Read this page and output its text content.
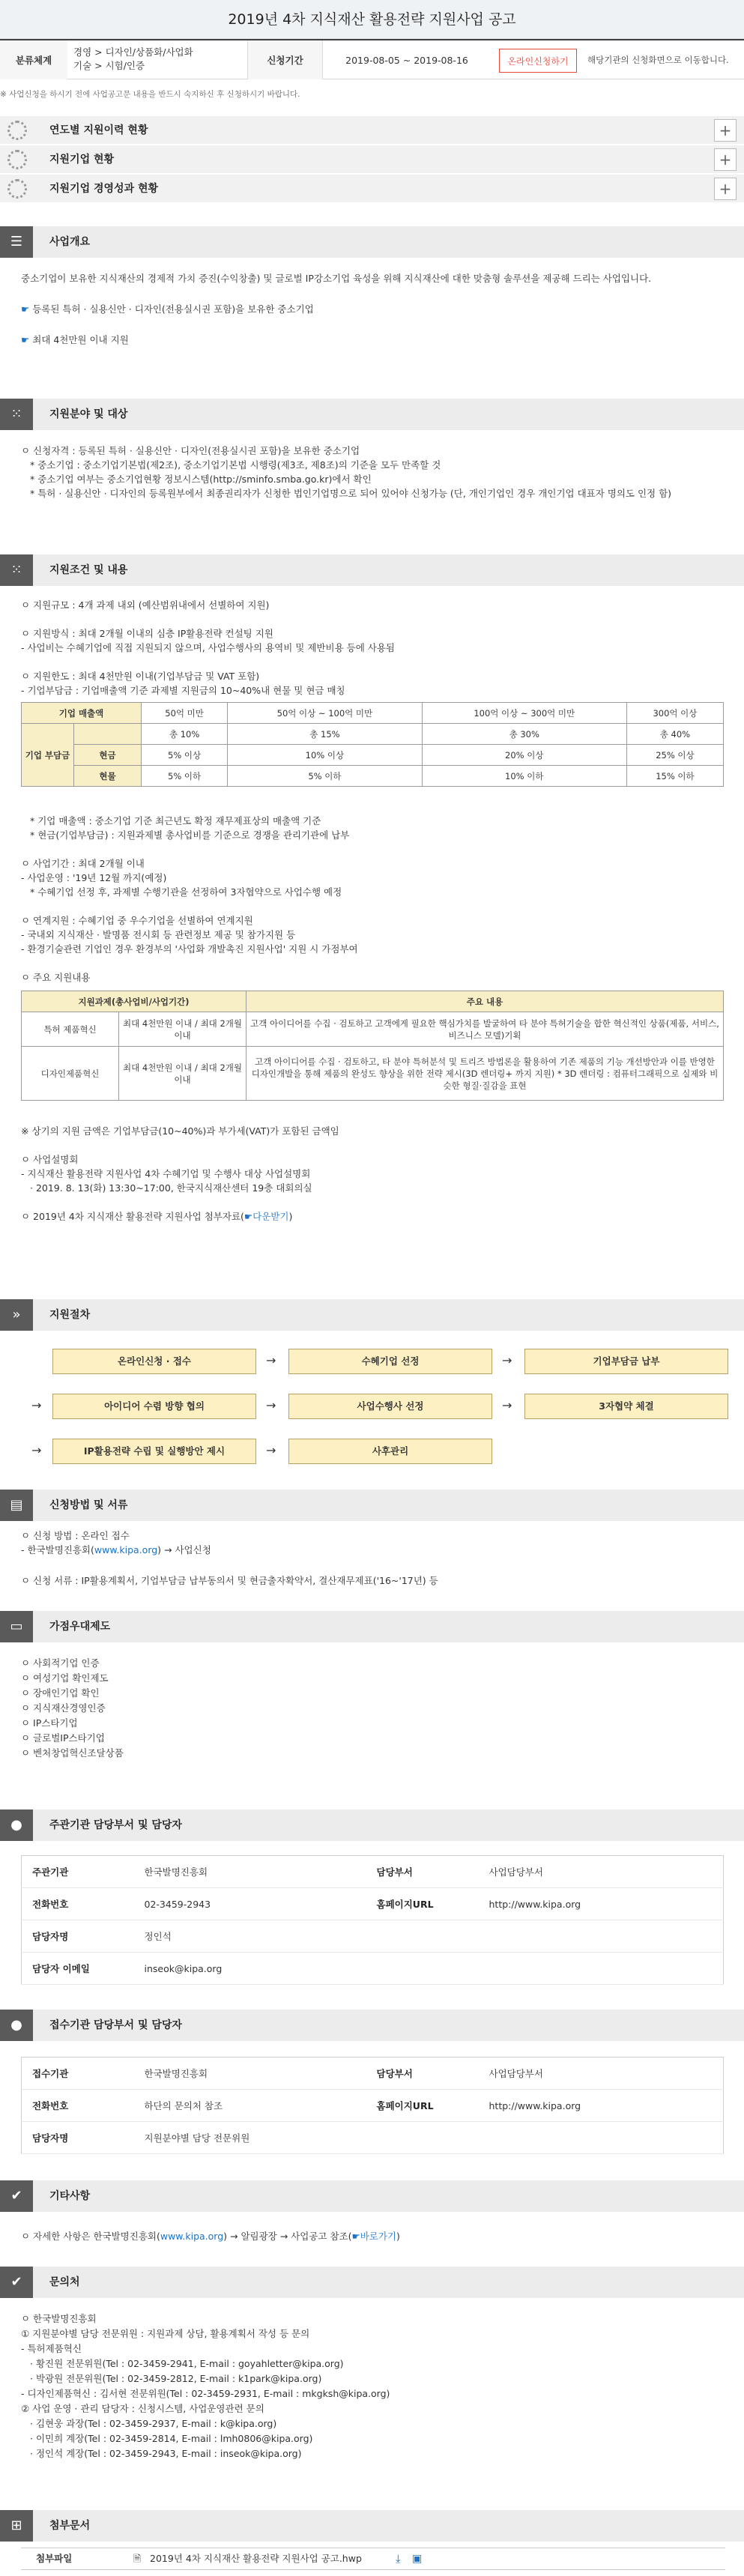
2019년 4차 지식재산 활용전략 지원사업 공고
분류체계
경영 > 디자인/상품화/사업화
기술 > 시험/인증	신청기간	2019-08-05 ~ 2019-08-16	온라인신청하기	해당기관의 신청화면으로 이동합니다.
※ 사업신청을 하시기 전에 사업공고문 내용을 반드시 숙지하신 후 신청하시기 바랍니다.
연도별 지원이력 현황	+
지원기업 현황	+
지원기업 경영성과 현황	+
☰	사업개요

중소기업이 보유한 지식재산의 경제적 가치 증진(수익창출) 및 글로벌 IP강소기업 육성을 위해 지식재산에 대한 맞춤형 솔루션을 제공해 드리는 사업입니다.

☛ 등록된 특허 · 실용신안 · 디자인(전용실시권 포함)을 보유한 중소기업

☛ 최대 4천만원 이내 지원

⁙	지원분야 및 대상

ㅇ 신청자격 : 등록된 특허 · 실용신안 · 디자인(전용실시권 포함)을 보유한 중소기업

* 중소기업 : 중소기업기본법(제2조), 중소기업기본법 시행령(제3조, 제8조)의 기준을 모두 만족할 것

* 중소기업 여부는 중소기업현황 정보시스템(http://sminfo.smba.go.kr)에서 확인

* 특허 · 실용신안 · 디자인의 등록원부에서 최종권리자가 신청한 법인기업명으로 되어 있어야 신청가능 (단, 개인기업인 경우 개인기업 대표자 명의도 인정 함)

⁙	지원조건 및 내용

ㅇ 지원규모 : 4개 과제 내외 (예산범위내에서 선별하여 지원)

ㅇ 지원방식 : 최대 2개월 이내의 심층 IP활용전략 컨설팅 지원

- 사업비는 수혜기업에 직접 지원되지 않으며, 사업수행사의 용역비 및 제반비용 등에 사용됨

ㅇ 지원한도 : 최대 4천만원 이내(기업부담금 및 VAT 포함)

- 기업부담금 : 기업매출액 기준 과제별 지원금의 10~40%내 현물 및 현금 매칭

기업 매출액		50억 미만	50억 이상 ~ 100억 미만	100억 이상 ~ 300억 미만	300억 이상
기업 부담금		총 10%	총 15%	총 30%	총 40%
	현금	5% 이상	10% 이상	20% 이상	25% 이상
	현물	5% 이하	5% 이하	10% 이하	15% 이하

* 기업 매출액 : 중소기업 기준 최근년도 확정 재무제표상의 매출액 기준

* 현금(기업부담금) : 지원과제별 총사업비를 기준으로 경쟁을 관리기관에 납부

ㅇ 사업기간 : 최대 2개월 이내

- 사업운영 : '19년 12월 까지(예정)

* 수혜기업 선정 후, 과제별 수행기관을 선정하여 3자협약으로 사업수행 예정

ㅇ 연계지원 : 수혜기업 중 우수기업을 선별하여 연계지원

- 국내외 지식재산 · 발명품 전시회 등 관련정보 제공 및 참가지원 등

- 환경기술관련 기업인 경우 환경부의 '사업화 개발촉진 지원사업' 지원 시 가점부여

ㅇ 주요 지원내용

지원과제(총사업비/사업기간)		주요 내용
특허 제품혁신	최대 4천만원 이내 / 최대 2개월 이내	고객 아이디어를 수집 · 검토하고 고객에게 필요한 핵심가치를 발굴하여 타 분야 특허기술을 합한 혁신적인 상품(제품, 서비스, 비즈니스 모델)기획
디자인제품혁신	최대 4천만원 이내 / 최대 2개월 이내	고객 아이디어를 수집 · 검토하고, 타 분야 특허분석 및 트리즈 방법론을 활용하여 기존 제품의 기능 개선방안과 이를 반영한 디자인개발을 통해 제품의 완성도 향상을 위한 전략 제시(3D 렌더링+ 까지 지원) * 3D 렌더링 : 컴퓨터그래픽으로 실제와 비슷한 형질·질감을 표현

※ 상기의 지원 금액은 기업부담금(10~40%)과 부가세(VAT)가 포함된 금액임

ㅇ 사업설명회

- 지식재산 활용전략 지원사업 4차 수혜기업 및 수행사 대상 사업설명회

· 2019. 8. 13(화) 13:30~17:00, 한국지식재산센터 19층 대회의실

ㅇ 2019년 4차 지식재산 활용전략 지원사업 첨부자료(☛다운받기)

»	지원절차
온라인신청 · 접수	→	수혜기업 선정	→	기업부담금 납부
→	아이디어 수렴 방향 협의	→	사업수행사 선정	→	3자협약 체결
→	IP활용전략 수립 및 실행방안 제시	→	사후관리
▤	신청방법 및 서류

ㅇ 신청 방법 : 온라인 접수

- 한국발명진흥회(www.kipa.org) → 사업신청

ㅇ 신청 서류 : IP활용계획서, 기업부담금 납부동의서 및 현금출자확약서, 결산재무제표('16~'17년) 등

▭	가점우대제도

ㅇ 사회적기업 인증

ㅇ 여성기업 확인제도

ㅇ 장애인기업 확인

ㅇ 지식재산경영인증

ㅇ IP스타기업

ㅇ 글로벌IP스타기업

ㅇ 벤처창업혁신조달상품

●	주관기관 담당부서 및 담당자
주관기관	한국발명진흥회	담당부서	사업담당부서
전화번호	02-3459-2943	홈페이지URL	http://www.kipa.org
담당자명	정인석		
담당자 이메일	inseok@kipa.org		
●	접수기관 담당부서 및 담당자
접수기관	한국발명진흥회	담당부서	사업담당부서
전화번호	하단의 문의처 참조	홈페이지URL	http://www.kipa.org
담당자명	지원분야별 담당 전문위원		
✔	기타사항

ㅇ 자세한 사항은 한국발명진흥회(www.kipa.org) → 알림광장 → 사업공고 참조(☛바로가기)

✔	문의처

ㅇ 한국발명진흥회

① 지원분야별 담당 전문위원 : 지원과제 상담, 활용계획서 작성 등 문의

- 특허제품혁신

· 황진원 전문위원(Tel : 02-3459-2941, E-mail : goyahletter@kipa.org)

· 박광원 전문위원(Tel : 02-3459-2812, E-mail : k1park@kipa.org)

- 디자인제품혁신 : 김서현 전문위원(Tel : 02-3459-2931, E-mail : mkgksh@kipa.org)

② 사업 운영 · 관리 담당자 : 신청시스템, 사업운영관련 문의

· 김현웅 과장(Tel : 02-3459-2937, E-mail : k@kipa.org)

· 이민희 계장(Tel : 02-3459-2814, E-mail : lmh0806@kipa.org)

· 정인석 계장(Tel : 02-3459-2943, E-mail : inseok@kipa.org)

⊞	첨부문서
첨부파일	🗎 2019년 4차 지식재산 활용전략 지원사업 공고.hwp	⤓ ▣
